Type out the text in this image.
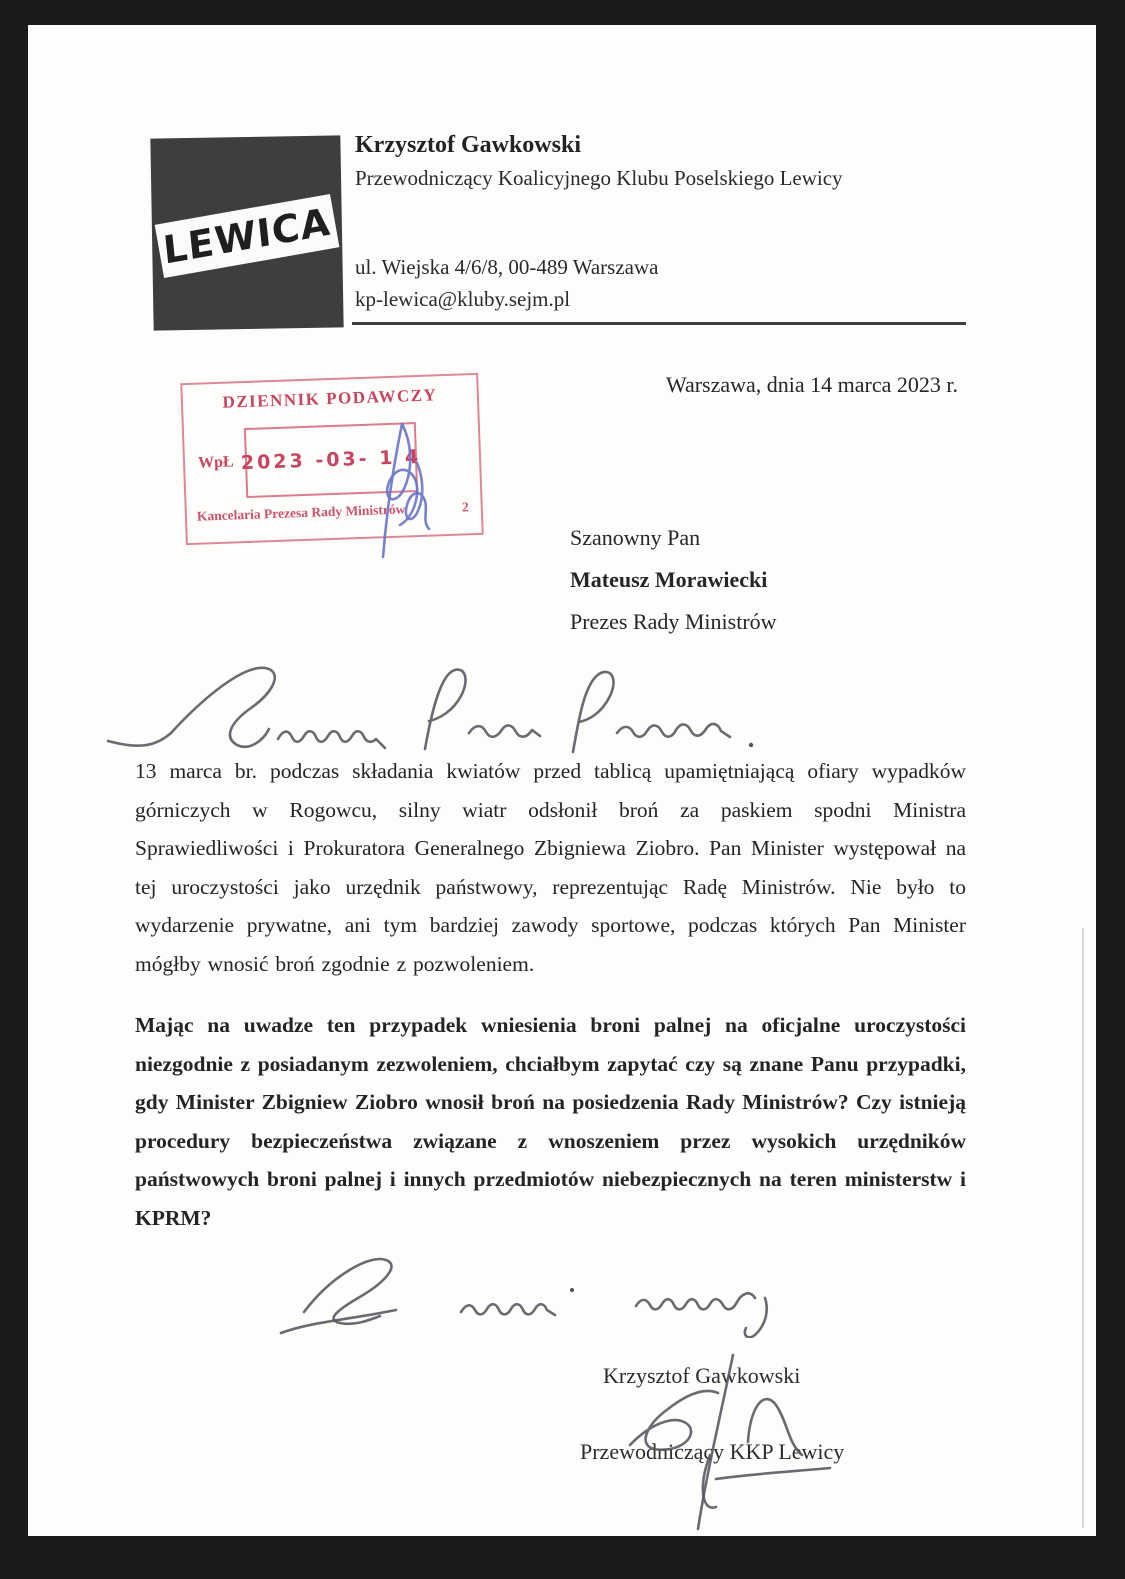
LEWICA
Krzysztof Gawkowski
Przewodniczący Koalicyjnego Klubu Poselskiego Lewicy
ul. Wiejska 4/6/8, 00-489 Warszawa
kp-lewica@kluby.sejm.pl
Warszawa, dnia 14 marca 2023 r.
DZIENNIK PODAWCZY
WpŁ 2023 -03- 1 4
Kancelaria Prezesa Rady Ministrów	2
Szanowny Pan
Mateusz Morawiecki
Prezes Rady Ministrów
13 marca br. podczas składania kwiatów przed tablicą upamiętniającą ofiary wypadków górniczych w Rogowcu, silny wiatr odsłonił broń za paskiem spodni Ministra Sprawiedliwości i Prokuratora Generalnego Zbigniewa Ziobro. Pan Minister występował na tej uroczystości jako urzędnik państwowy, reprezentując Radę Ministrów. Nie było to wydarzenie prywatne, ani tym bardziej zawody sportowe, podczas których Pan Minister mógłby wnosić broń zgodnie z pozwoleniem.
Mając na uwadze ten przypadek wniesienia broni palnej na oficjalne uroczystości niezgodnie z posiadanym zezwoleniem, chciałbym zapytać czy są znane Panu przypadki, gdy Minister Zbigniew Ziobro wnosił broń na posiedzenia Rady Ministrów? Czy istnieją procedury bezpieczeństwa związane z wnoszeniem przez wysokich urzędników państwowych broni palnej i innych przedmiotów niebezpiecznych na teren ministerstw i KPRM?
Krzysztof Gawkowski
Przewodniczący KKP Lewicy
